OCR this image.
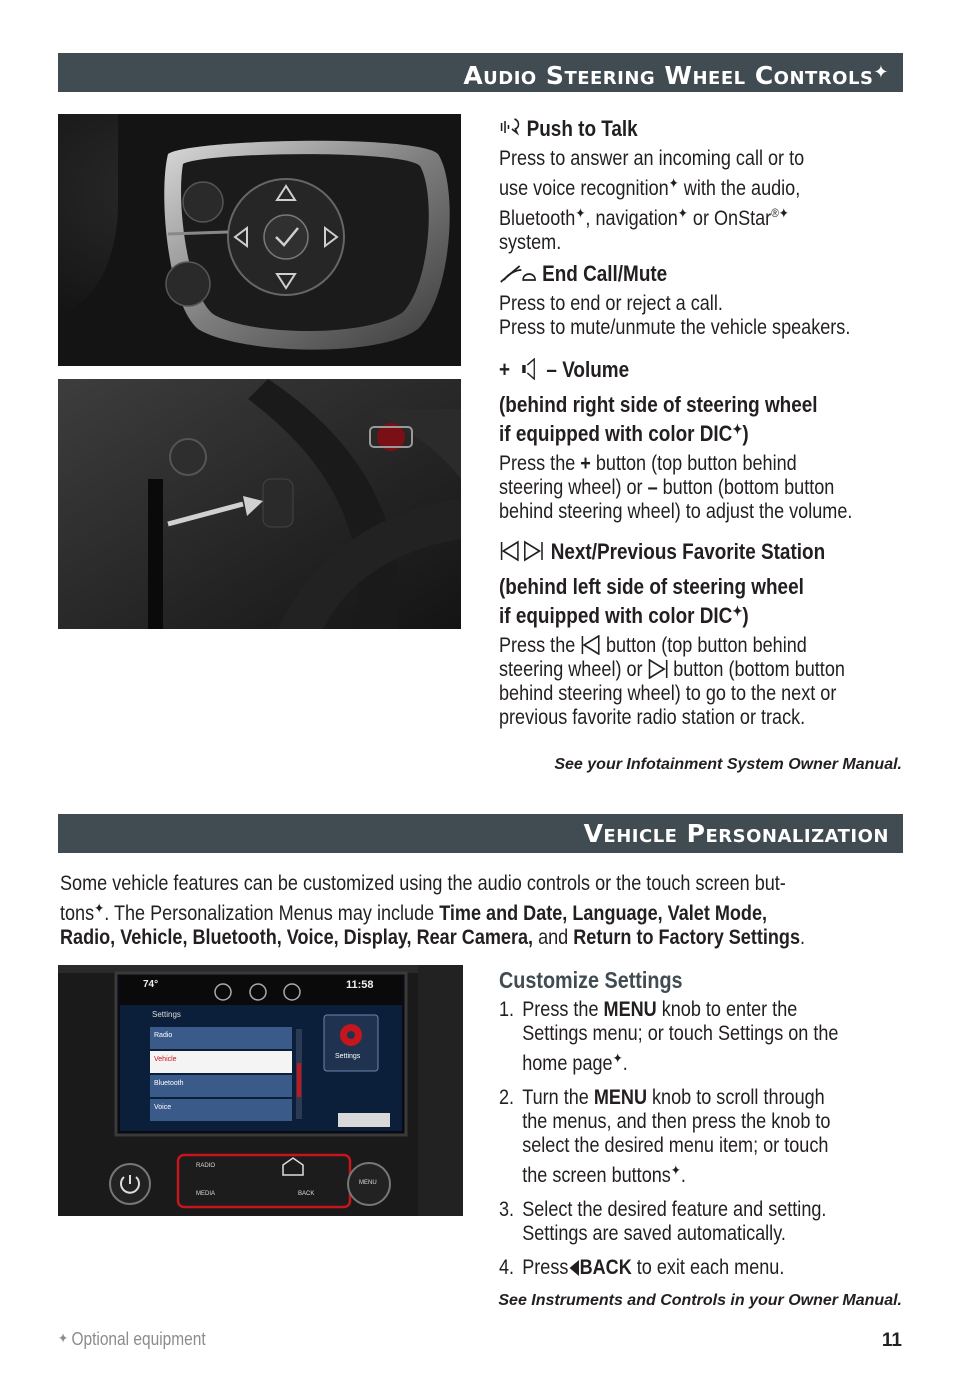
Audio Steering Wheel Controls✦
Push to Talk
Press to answer an incoming call or to
use voice recognition✦ with the audio,
Bluetooth✦, navigation✦ or OnStar®✦
system.
End Call/Mute
Press to end or reject a call.
Press to mute/unmute the vehicle speakers.
+ – Volume
(behind right side of steering wheel
if equipped with color DIC✦)
Press the + button (top button behind
steering wheel) or – button (bottom button
behind steering wheel) to adjust the volume.
Next/Previous Favorite Station
(behind left side of steering wheel
if equipped with color DIC✦)
Press the  button (top button behind
steering wheel) or  button (bottom button
behind steering wheel) to go to the next or
previous favorite radio station or track.
See your Infotainment System Owner Manual.
Vehicle Personalization
Some vehicle features can be customized using the audio controls or the touch screen but-
tons✦. The Personalization Menus may include Time and Date, Language, Valet Mode,
Radio, Vehicle, Bluetooth, Voice, Display, Rear Camera, and Return to Factory Settings.
74°	11:58
Settings
Radio
Vehicle
Bluetooth
Voice
Settings
RADIO
MEDIA	BACK
MENU
Customize Settings
1. Press the MENU knob to enter the
Settings menu; or touch Settings on the
home page✦.
2. Turn the MENU knob to scroll through
the menus, and then press the knob to
select the desired menu item; or touch
the screen buttons✦.
3. Select the desired feature and setting.
Settings are saved automatically.
4. Press BACK to exit each menu.
See Instruments and Controls in your Owner Manual.
✦ Optional equipment	11
